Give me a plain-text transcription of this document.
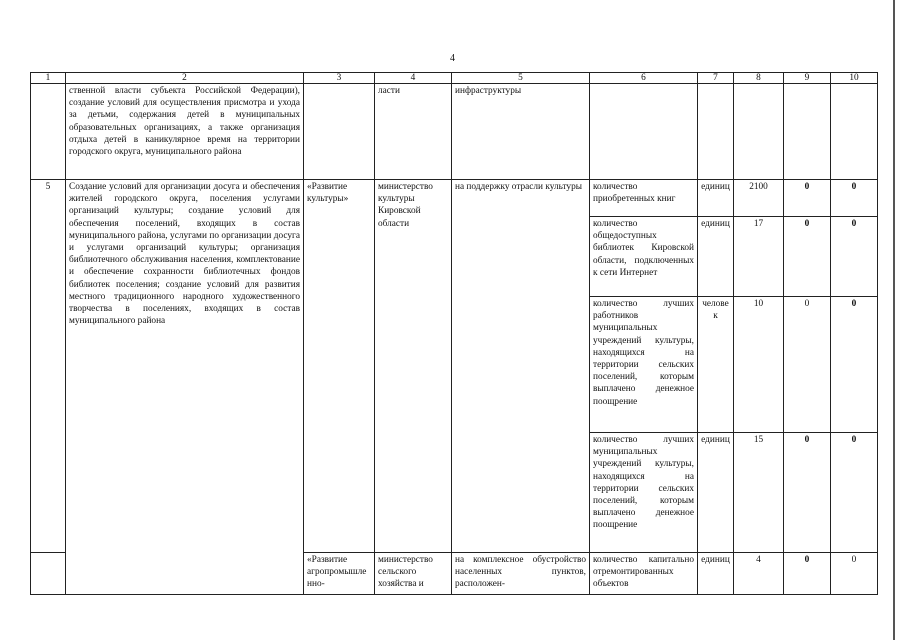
4
1	2	3	4	5	6	7	8	9	10
	ственной власти субъекта Российской Федерации), создание условий для осуществления присмотра и ухода за детьми, содержания детей в муниципальных образовательных организациях, а также организация отдыха детей в каникулярное время на территории городского округа, муниципального района		ласти	инфраструктуры					
5	Создание условий для организации досуга и обеспечения жителей городского округа, поселения услугами организаций культуры; создание условий для обеспечения поселений, входящих в состав муниципального района, услугами по организации досуга и услугами организаций культуры; организация библиотечного обслуживания населения, комплектование и обеспечение сохранности библиотечных фондов библиотек поселения; создание условий для развития местного традиционного народного художественного творчества в поселениях, входящих в состав муниципального района	«Развитие культуры»	министерство культуры Кировской области	на поддержку отрасли культуры	количество приобретенных книг	единиц	2100	0	0
					количество общедоступных библиотек Кировской области, подключенных к сети Интернет	единиц	17	0	0
					количество лучших работников муниципальных учреждений культуры, находящихся на территории сельских поселений, которым выплачено денежное поощрение	человек	10	0	0
					количество лучших муниципальных учреждений культуры, находящихся на территории сельских поселений, которым выплачено денежное поощрение	единиц	15	0	0
		«Развитие агропромышленно-	министерство сельского хозяйства и	на комплексное обустройство населенных пунктов, расположен-	количество капитально отремонтированных объектов	единиц	4	0	0
